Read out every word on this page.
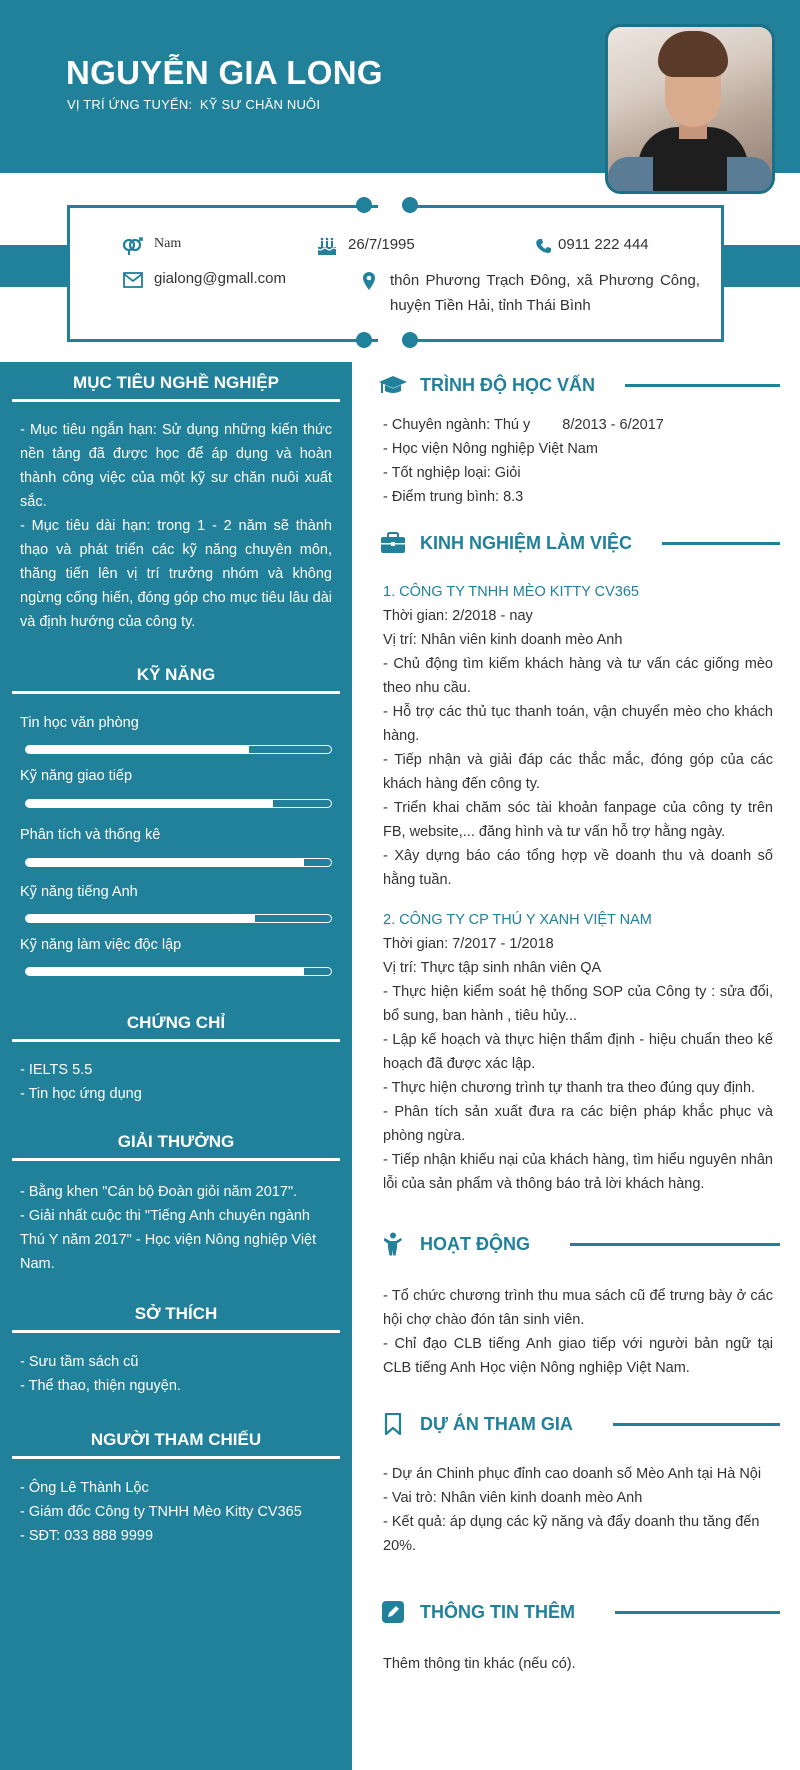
NGUYỄN GIA LONG
VỊ TRÍ ỨNG TUYỂN: KỸ SƯ CHĂN NUÔI
Nam	26/7/1995	0911 222 444
gialong@gmall.com	thôn Phương Trạch Đông, xã Phương Công, huyện Tiền Hải, tỉnh Thái Bình
MỤC TIÊU NGHỀ NGHIỆP
- Mục tiêu ngắn hạn: Sử dụng những kiến thức nền tảng đã được học để áp dụng và hoàn thành công việc của một kỹ sư chăn nuôi xuất sắc.
- Mục tiêu dài hạn: trong 1 - 2 năm sẽ thành thạo và phát triển các kỹ năng chuyên môn, thăng tiến lên vị trí trưởng nhóm và không ngừng cống hiến, đóng góp cho mục tiêu lâu dài và định hướng của công ty.
KỸ NĂNG
Tin học văn phòng
Kỹ năng giao tiếp
Phân tích và thống kê
Kỹ năng tiếng Anh
Kỹ năng làm việc độc lập
CHỨNG CHỈ
- IELTS 5.5
- Tin học ứng dụng
GIẢI THƯỞNG
- Bằng khen "Cán bộ Đoàn giỏi năm 2017".
- Giải nhất cuộc thi "Tiếng Anh chuyên ngành Thú Y năm 2017" - Học viện Nông nghiệp Việt Nam.
SỞ THÍCH
- Sưu tầm sách cũ
- Thể thao, thiện nguyện.
NGƯỜI THAM CHIẾU
- Ông Lê Thành Lộc
- Giám đốc Công ty TNHH Mèo Kitty CV365
- SĐT: 033 888 9999
TRÌNH ĐỘ HỌC VẤN
- Chuyên ngành: Thú y 8/2013 - 6/2017
- Học viện Nông nghiệp Việt Nam
- Tốt nghiệp loại: Giỏi
- Điểm trung bình: 8.3
KINH NGHIỆM LÀM VIỆC
1. CÔNG TY TNHH MÈO KITTY CV365
Thời gian: 2/2018 - nay
Vị trí: Nhân viên kinh doanh mèo Anh
- Chủ động tìm kiếm khách hàng và tư vấn các giống mèo theo nhu cầu.
- Hỗ trợ các thủ tục thanh toán, vận chuyển mèo cho khách hàng.
- Tiếp nhận và giải đáp các thắc mắc, đóng góp của các khách hàng đến công ty.
- Triển khai chăm sóc tài khoản fanpage của công ty trên FB, website,... đăng hình và tư vấn hỗ trợ hằng ngày.
- Xây dựng báo cáo tổng hợp về doanh thu và doanh số hằng tuần.
2. CÔNG TY CP THÚ Y XANH VIỆT NAM
Thời gian: 7/2017 - 1/2018
Vị trí: Thực tập sinh nhân viên QA
- Thực hiện kiểm soát hệ thống SOP của Công ty : sửa đổi, bổ sung, ban hành , tiêu hủy...
- Lập kế hoạch và thực hiện thẩm định - hiệu chuẩn theo kế hoạch đã được xác lập.
- Thực hiện chương trình tự thanh tra theo đúng quy định.
- Phân tích sản xuất đưa ra các biện pháp khắc phục và phòng ngừa.
- Tiếp nhận khiếu nại của khách hàng, tìm hiểu nguyên nhân lỗi của sản phẩm và thông báo trả lời khách hàng.
HOẠT ĐỘNG
- Tổ chức chương trình thu mua sách cũ để trưng bày ở các hội chợ chào đón tân sinh viên.
- Chỉ đạo CLB tiếng Anh giao tiếp với người bản ngữ tại CLB tiếng Anh Học viện Nông nghiệp Việt Nam.
DỰ ÁN THAM GIA
- Dự án Chinh phục đỉnh cao doanh số Mèo Anh tại Hà Nội
- Vai trò: Nhân viên kinh doanh mèo Anh
- Kết quả: áp dụng các kỹ năng và đẩy doanh thu tăng đến 20%.
THÔNG TIN THÊM
Thêm thông tin khác (nếu có).
